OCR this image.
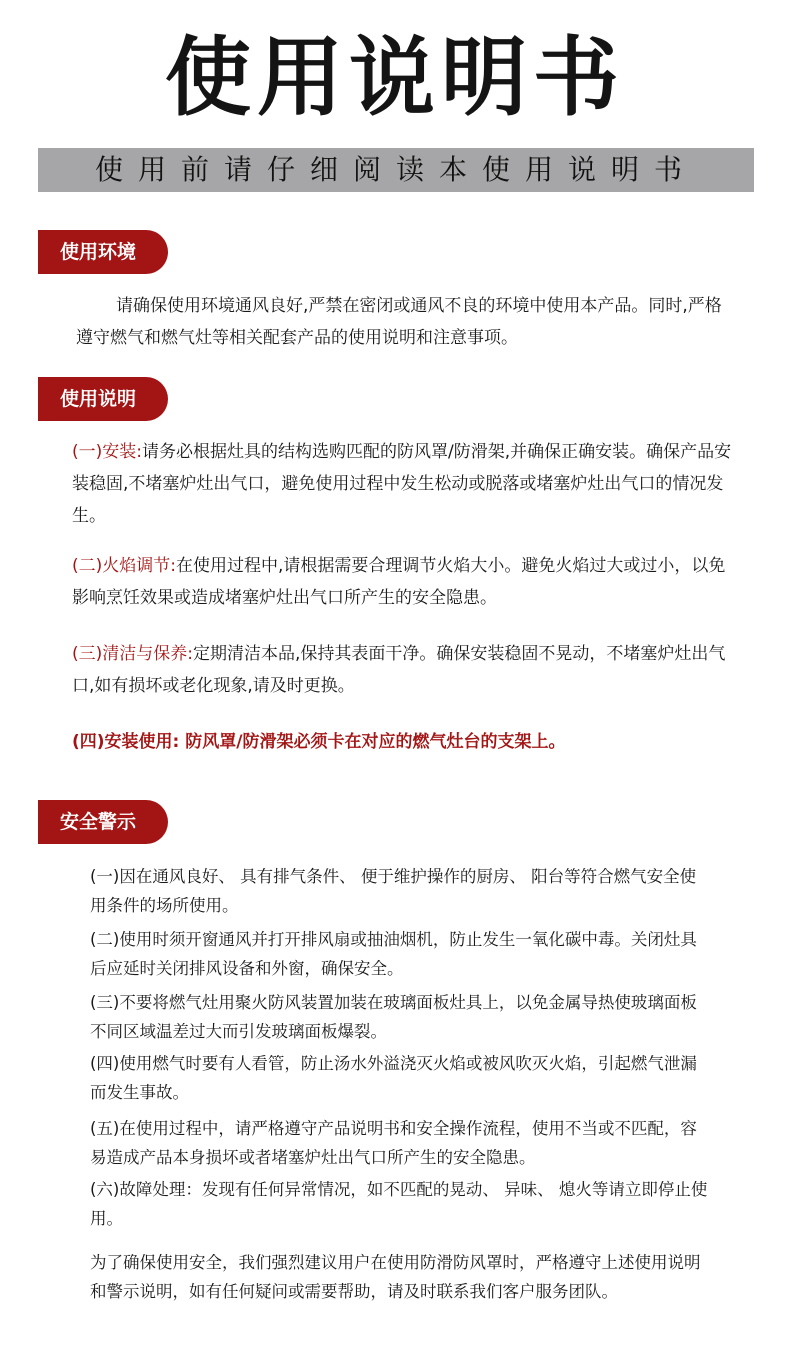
使用说明书
使用前请仔细阅读本使用说明书
使用环境

请确保使用环境通风良好,严禁在密闭或通风不良的环境中使用本产品。同时,严格遵守燃气和燃气灶等相关配套产品的使用说明和注意事项。

使用说明

(一)安装:请务必根据灶具的结构选购匹配的防风罩/防滑架,并确保正确安装。确保产品安装稳固,不堵塞炉灶出气口，避免使用过程中发生松动或脱落或堵塞炉灶出气口的情况发生。

(二)火焰调节:在使用过程中,请根据需要合理调节火焰大小。避免火焰过大或过小，以免影响烹饪效果或造成堵塞炉灶出气口所产生的安全隐患。

(三)清洁与保养:定期清洁本品,保持其表面干净。确保安装稳固不晃动，不堵塞炉灶出气口,如有损坏或老化现象,请及时更换。

(四)安装使用: 防风罩/防滑架必须卡在对应的燃气灶台的支架上。

安全警示

(一)因在通风良好、 具有排气条件、 便于维护操作的厨房、 阳台等符合燃气安全使用条件的场所使用。

(二)使用时须开窗通风并打开排风扇或抽油烟机，防止发生一氧化碳中毒。关闭灶具后应延时关闭排风设备和外窗，确保安全。

(三)不要将燃气灶用聚火防风装置加装在玻璃面板灶具上，以免金属导热使玻璃面板不同区域温差过大而引发玻璃面板爆裂。

(四)使用燃气时要有人看管，防止汤水外溢浇灭火焰或被风吹灭火焰，引起燃气泄漏而发生事故。

(五)在使用过程中，请严格遵守产品说明书和安全操作流程，使用不当或不匹配，容易造成产品本身损坏或者堵塞炉灶出气口所产生的安全隐患。

(六)故障处理：发现有任何异常情况，如不匹配的晃动、 异味、 熄火等请立即停止使用。

为了确保使用安全，我们强烈建议用户在使用防滑防风罩时，严格遵守上述使用说明和警示说明，如有任何疑问或需要帮助，请及时联系我们客户服务团队。
